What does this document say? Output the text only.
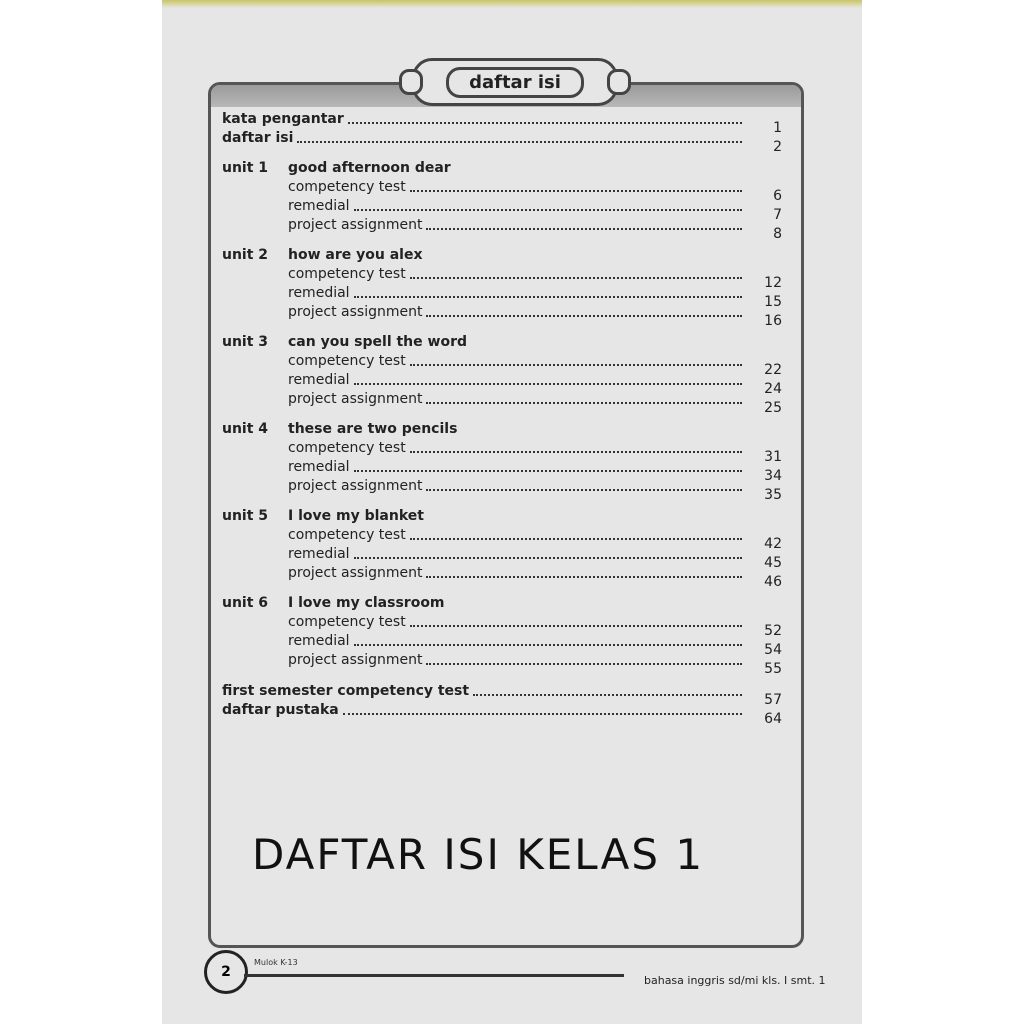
daftar isi
kata pengantar
1
daftar isi
2
unit 1 good afternoon dear
competency test
6
remedial
7
project assignment
8
unit 2 how are you alex
competency test
12
remedial
15
project assignment
16
unit 3 can you spell the word
competency test
22
remedial
24
project assignment
25
unit 4 these are two pencils
competency test
31
remedial
34
project assignment
35
unit 5 I love my blanket
competency test
42
remedial
45
project assignment
46
unit 6 I love my classroom
competency test
52
remedial
54
project assignment
55
first semester competency test
57
daftar pustaka
64
DAFTAR ISI KELAS 1
2
Mulok K-13
bahasa inggris sd/mi kls. I smt. 1
